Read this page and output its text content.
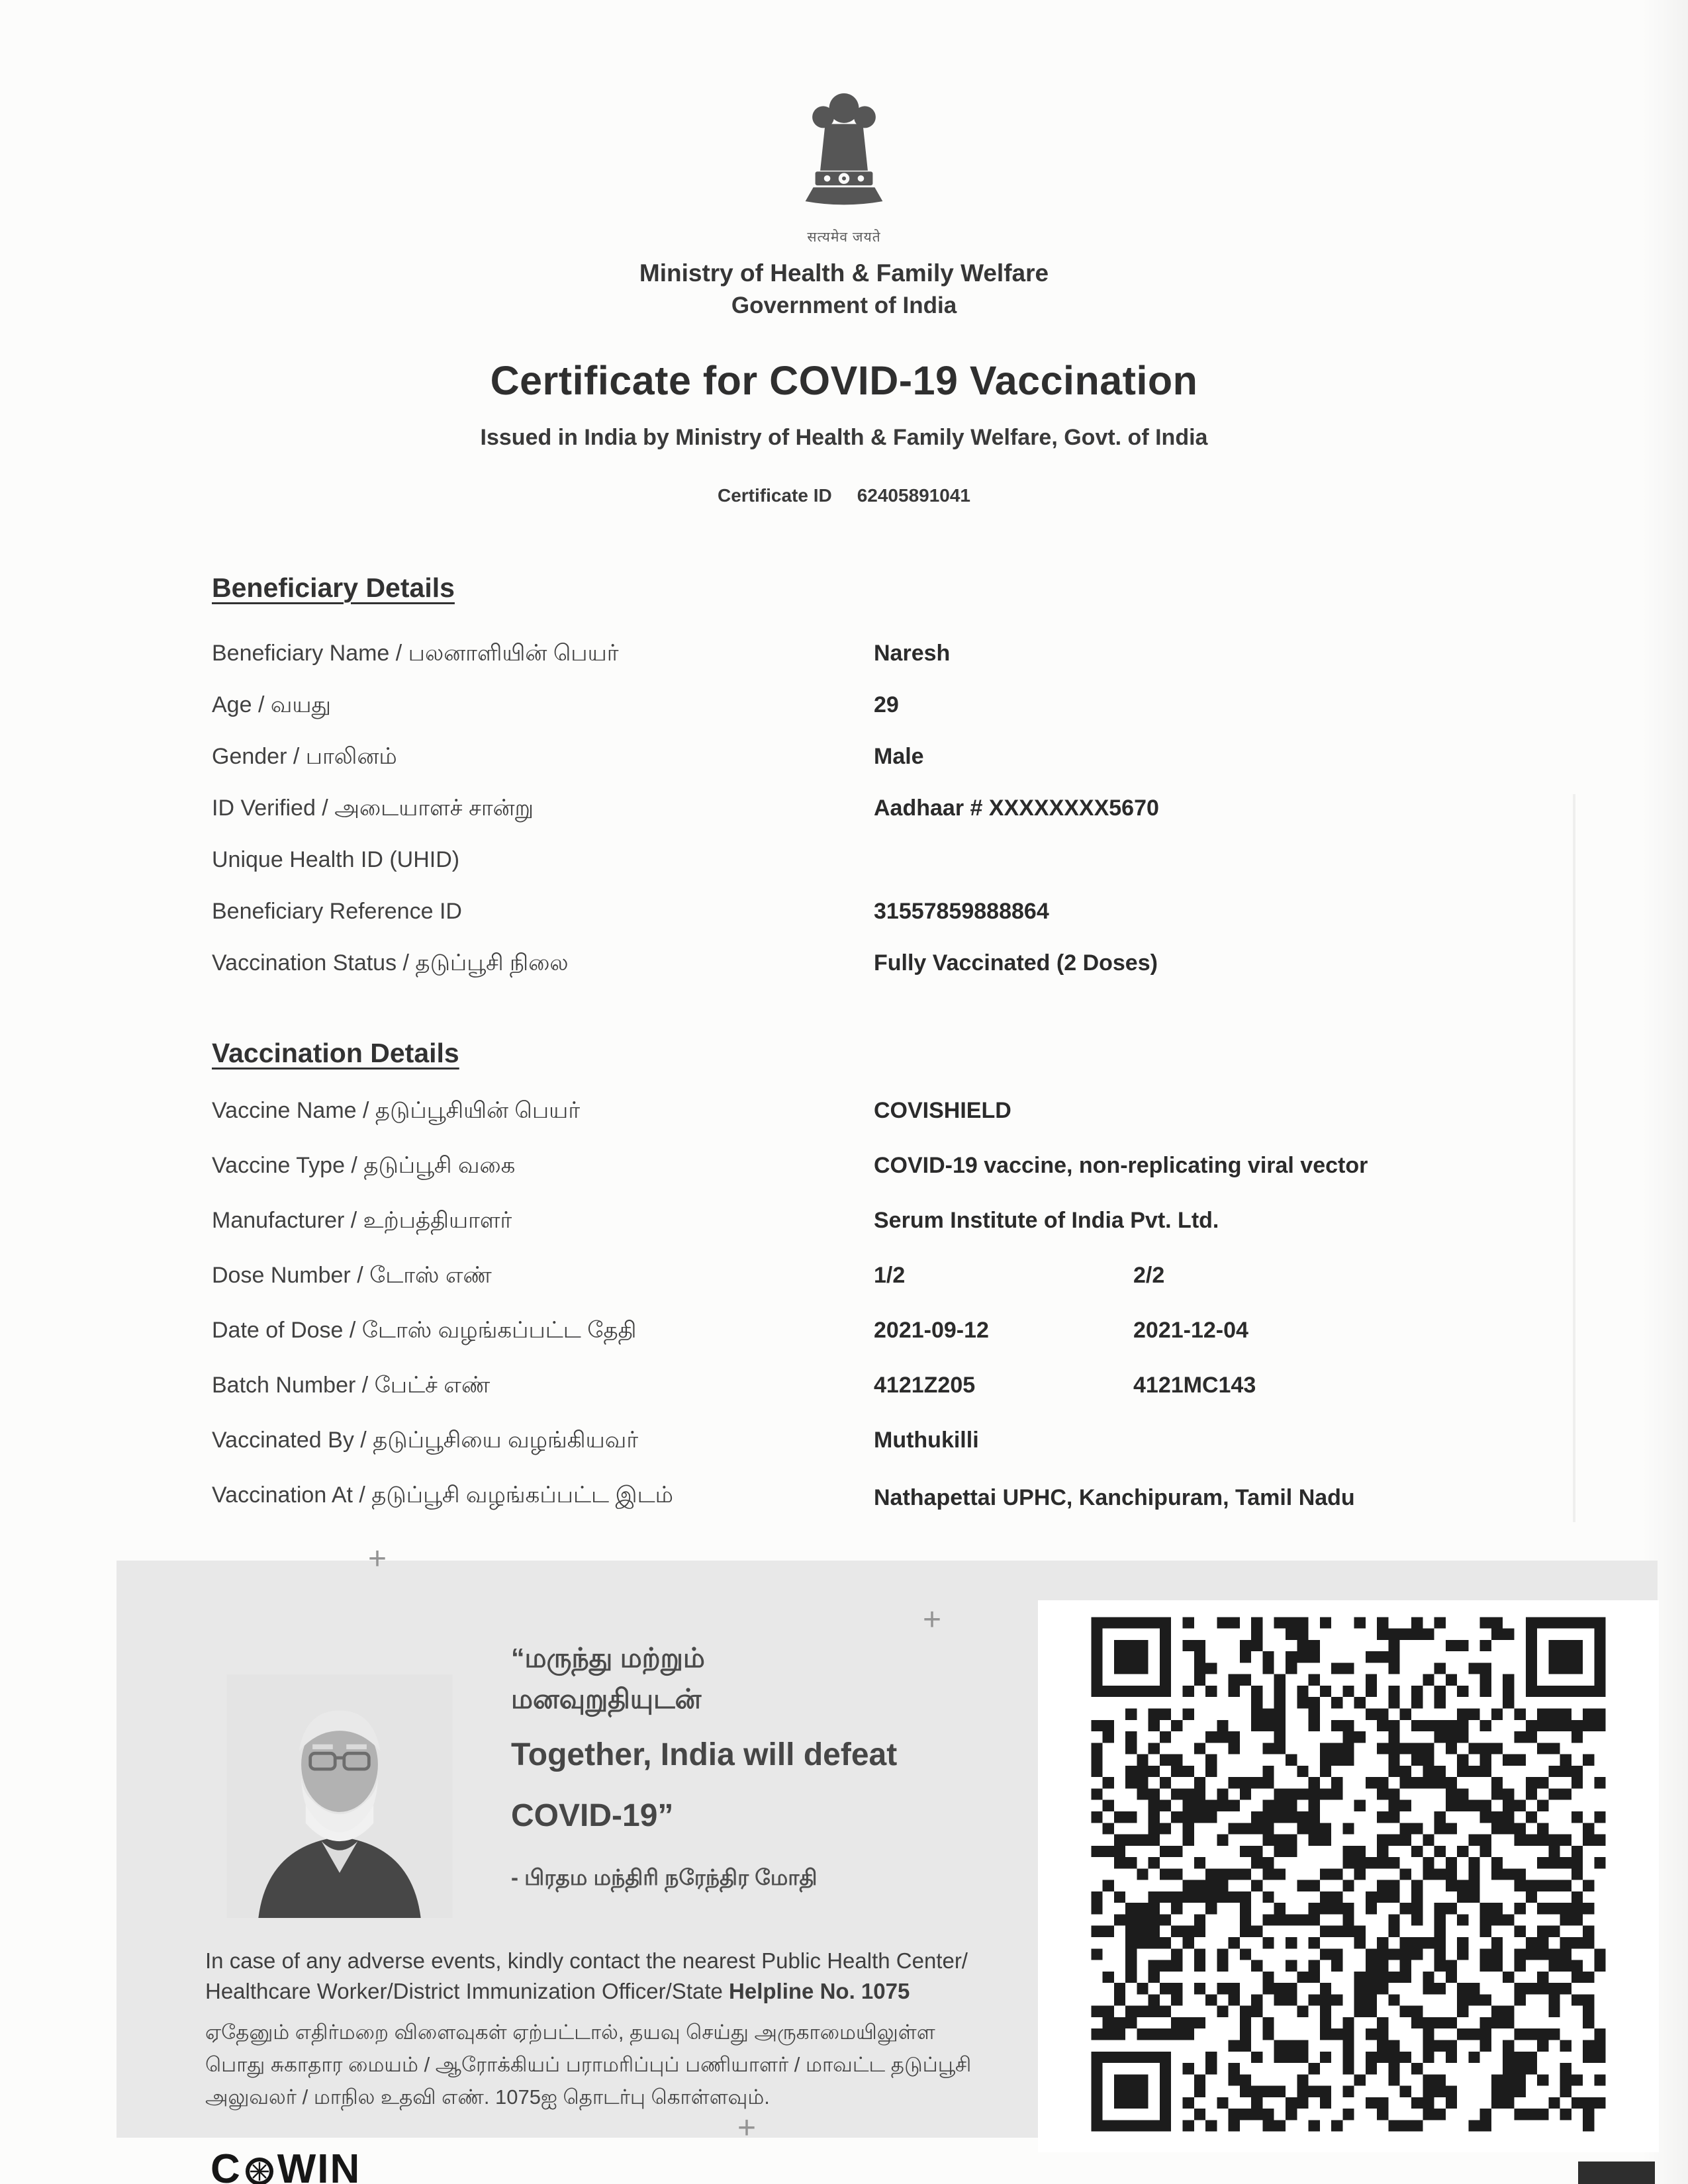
सत्यमेव जयते
Ministry of Health & Family Welfare
Government of India
Certificate for COVID-19 Vaccination
Issued in India by Ministry of Health & Family Welfare, Govt. of India
Certificate ID 62405891041
Beneficiary Details
Beneficiary Name / பலனாளியின் பெயர்	Naresh
Age / வயது	29
Gender / பாலினம்	Male
ID Verified / அடையாளச் சான்று	Aadhaar # XXXXXXXX5670
Unique Health ID (UHID)
Beneficiary Reference ID	31557859888864
Vaccination Status / தடுப்பூசி நிலை	Fully Vaccinated (2 Doses)
Vaccination Details
Vaccine Name / தடுப்பூசியின் பெயர்	COVISHIELD
Vaccine Type / தடுப்பூசி வகை	COVID-19 vaccine, non-replicating viral vector
Manufacturer / உற்பத்தியாளர்	Serum Institute of India Pvt. Ltd.
Dose Number / டோஸ் எண்	1/2	2/2
Date of Dose / டோஸ் வழங்கப்பட்ட தேதி	2021-09-12	2021-12-04
Batch Number / பேட்ச் எண்	4121Z205	4121MC143
Vaccinated By / தடுப்பூசியை வழங்கியவர்	Muthukilli
Vaccination At / தடுப்பூசி வழங்கப்பட்ட இடம்	Nathapettai UPHC, Kanchipuram, Tamil Nadu
“மருந்து மற்றும்
மனவுறுதியுடன்
Together, India will defeat
COVID-19”
- பிரதம மந்திரி நரேந்திர மோதி
In case of any adverse events, kindly contact the nearest Public Health Center/
Healthcare Worker/District Immunization Officer/State Helpline No. 1075
ஏதேனும் எதிர்மறை விளைவுகள் ஏற்பட்டால், தயவு செய்து அருகாமையிலுள்ள பொது சுகாதார மையம் / ஆரோக்கியப் பராமரிப்புப் பணியாளர் / மாவட்ட தடுப்பூசி அலுவலர் / மாநில உதவி எண். 1075ஐ தொடர்பு கொள்ளவும்.
+
+
+
C WIN
